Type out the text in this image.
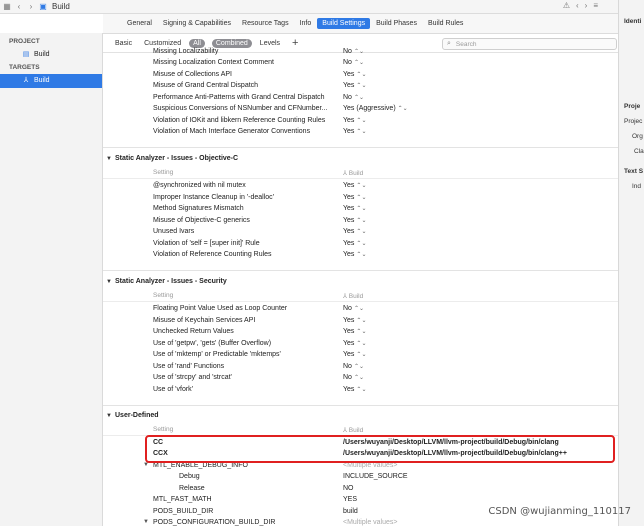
▦ ‹	› ▣ Build	⚠ ‹ › ≡
PROJECT
▤ Build
TARGETS
⅄ Build
General	Signing & Capabilities	Resource Tags	Info	Build Settings	Build Phases	Build Rules
Basic	Customized	All	Combined	Levels	+	⌕ Search
Identi
Proje
Projec
Org
Cla
Text S
Ind
Missing Localizability	No ⌃⌄
Missing Localization Context Comment	No ⌃⌄
Misuse of Collections API	Yes ⌃⌄
Misuse of Grand Central Dispatch	Yes ⌃⌄
Performance Anti-Patterns with Grand Central Dispatch	No ⌃⌄
Suspicious Conversions of NSNumber and CFNumber... Yes (Aggressive) ⌃⌄
Violation of IOKit and libkern Reference Counting Rules	Yes ⌃⌄
Violation of Mach Interface Generator Conventions	Yes ⌃⌄
▼ Static Analyzer - Issues - Objective-C
Setting	⅄ Build
@synchronized with nil mutex	Yes ⌃⌄
Improper Instance Cleanup in '-dealloc'	Yes ⌃⌄
Method Signatures Mismatch	Yes ⌃⌄
Misuse of Objective-C generics	Yes ⌃⌄
Unused Ivars	Yes ⌃⌄
Violation of 'self = [super init]' Rule	Yes ⌃⌄
Violation of Reference Counting Rules	Yes ⌃⌄
▼ Static Analyzer - Issues - Security
Setting	⅄ Build
Floating Point Value Used as Loop Counter	No ⌃⌄
Misuse of Keychain Services API	Yes ⌃⌄
Unchecked Return Values	Yes ⌃⌄
Use of 'getpw', 'gets' (Buffer Overflow)	Yes ⌃⌄
Use of 'mktemp' or Predictable 'mktemps'	Yes ⌃⌄
Use of 'rand' Functions	No ⌃⌄
Use of 'strcpy' and 'strcat'	No ⌃⌄
Use of 'vfork'	Yes ⌃⌄
▼ User-Defined
Setting	⅄ Build
CC	/Users/wuyanji/Desktop/LLVM/llvm-project/build/Debug/bin/clang
CCX	/Users/wuyanji/Desktop/LLVM/llvm-project/build/Debug/bin/clang++
▼ MTL_ENABLE_DEBUG_INFO	<Multiple values>
Debug	INCLUDE_SOURCE
Release	NO
MTL_FAST_MATH	YES
PODS_BUILD_DIR	build
▼ PODS_CONFIGURATION_BUILD_DIR	<Multiple values>
CSDN @wujianming_110117
